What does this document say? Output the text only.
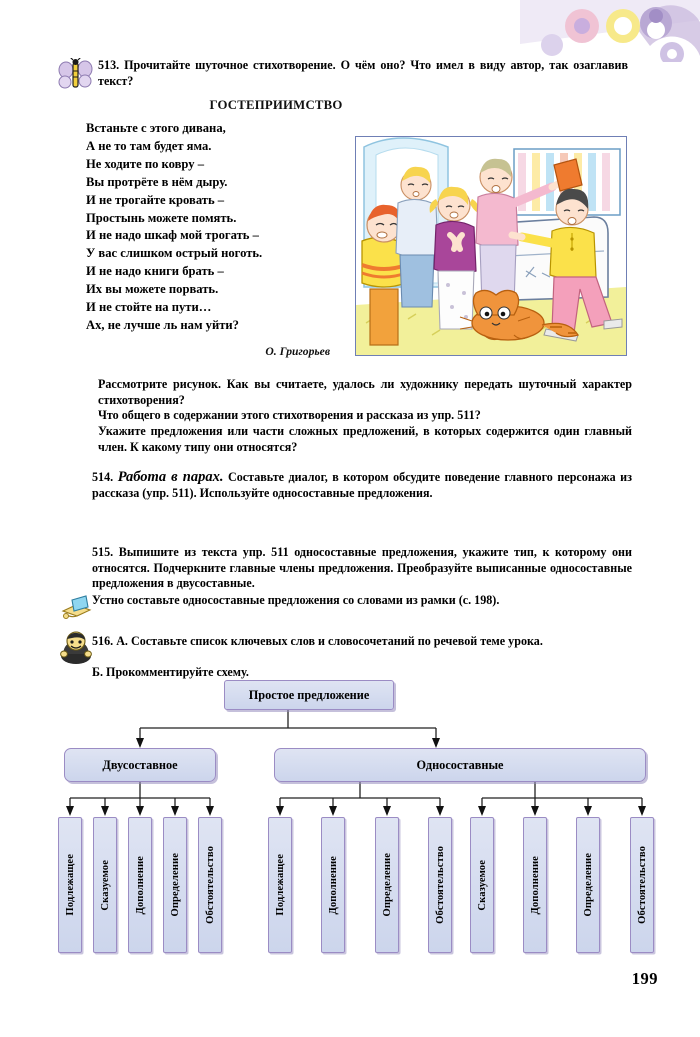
513. Прочитайте шуточное стихотворение. О чём оно? Что имел в виду автор, так озаглавив текст?
ГОСТЕПРИИМСТВО
Встаньте с этого дивана,
А не то там будет яма.
Не ходите по ковру –
Вы протрёте в нём дыру.
И не трогайте кровать –
Простынь можете помять.
И не надо шкаф мой трогать –
У вас слишком острый ноготь.
И не надо книги брать –
Их вы можете порвать.
И не стойте на пути…
Ах, не лучше ль нам уйти?
О. Григорьев
Рассмотрите рисунок. Как вы считаете, удалось ли художнику передать шуточный характер стихотворения?
Что общего в содержании этого стихотворения и рассказа из упр. 511?
Укажите предложения или части сложных предложений, в которых содержится один главный член. К какому типу они относятся?
514. Работа в парах. Составьте диалог, в котором обсудите поведение главного персонажа из рассказа (упр. 511). Используйте односоставные предложения.
515. Выпишите из текста упр. 511 односоставные предложения, укажите тип, к которому они относятся. Подчеркните главные члены предложения. Преобразуйте выписанные односоставные предложения в двусоставные.
Устно составьте односоставные предложения со словами из рамки (с. 198).
516. А. Составьте список ключевых слов и словосочетаний по речевой теме урока.
Б. Прокомментируйте схему.
Простое предложение
Двусоставное	Односоставные
Подлежащее Сказуемое Дополнение Определение Обстоятельство	Подлежащее	Дополнение	Определение	Обстоятельство	Сказуемое	Дополнение	Определение	Обстоятельство
199
